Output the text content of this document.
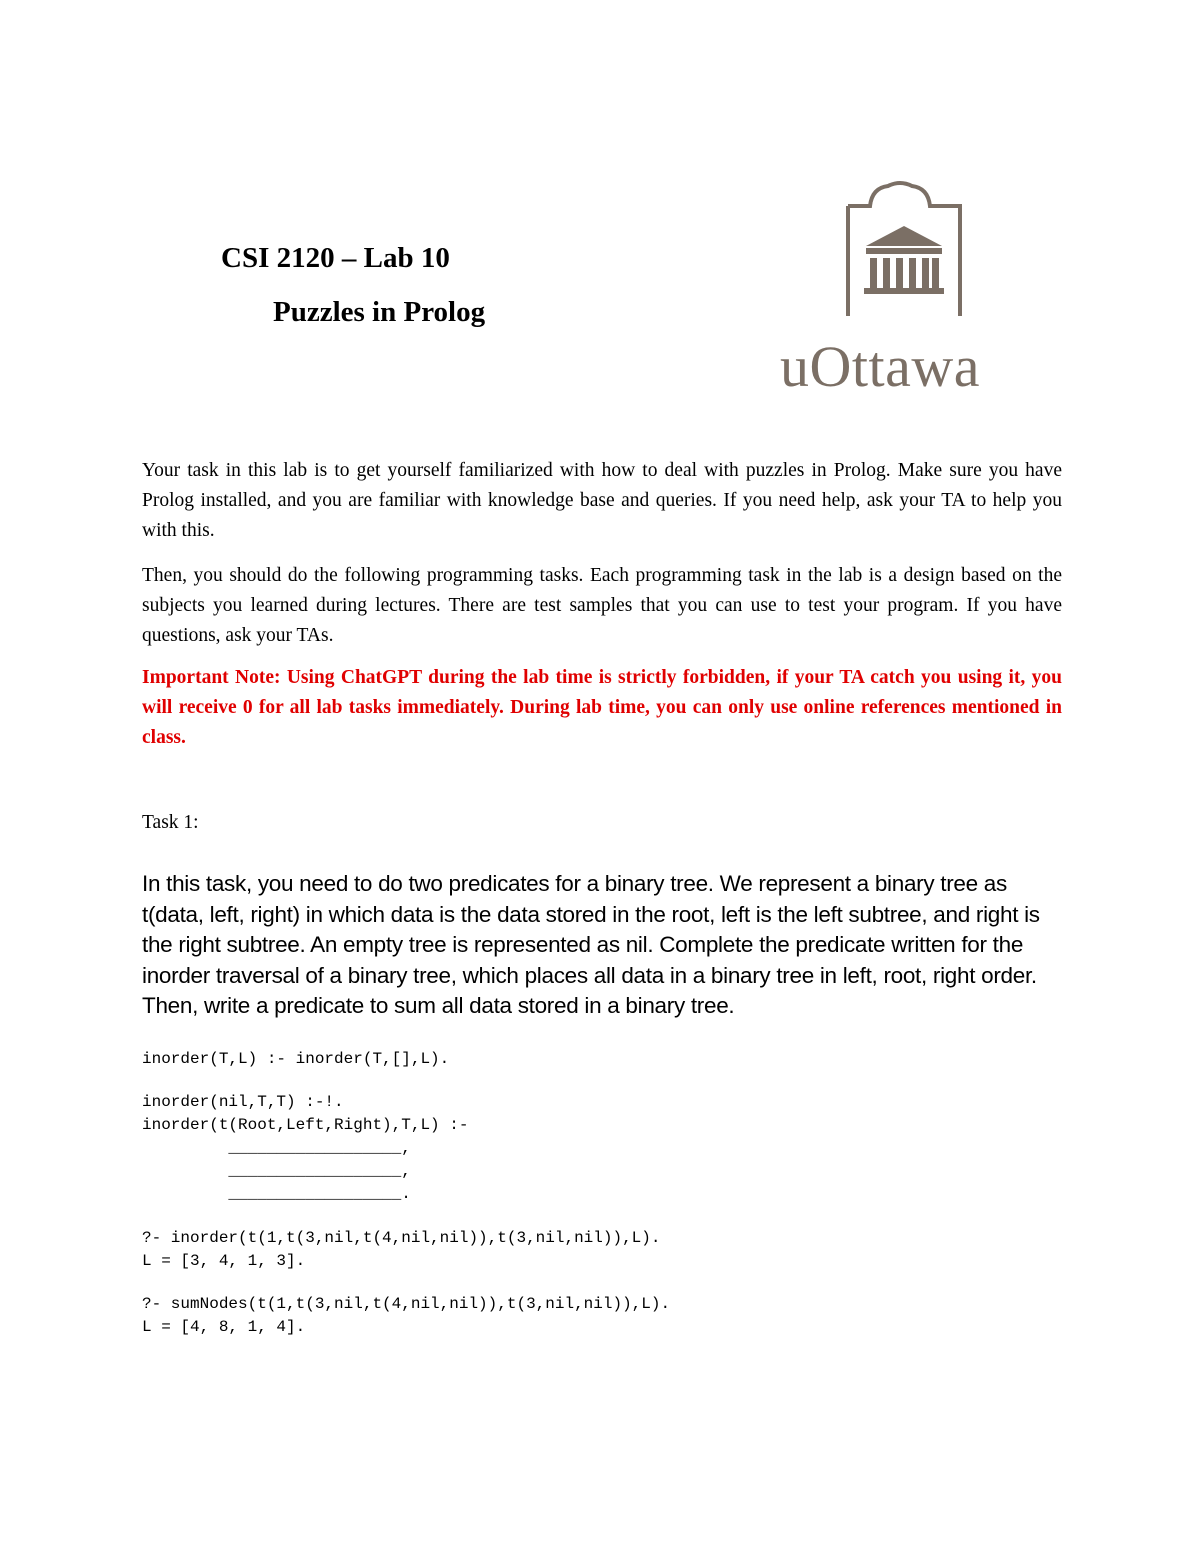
CSI 2120 – Lab 10
Puzzles in Prolog
uOttawa
Your task in this lab is to get yourself familiarized with how to deal with puzzles in Prolog. Make sure you have Prolog installed, and you are familiar with knowledge base and queries. If you need help, ask your TA to help you with this.
Then, you should do the following programming tasks. Each programming task in the lab is a design based on the subjects you learned during lectures. There are test samples that you can use to test your program. If you have questions, ask your TAs.
Important Note: Using ChatGPT during the lab time is strictly forbidden, if your TA catch you using it, you will receive 0 for all lab tasks immediately. During lab time, you can only use online references mentioned in class.
Task 1:
In this task, you need to do two predicates for a binary tree. We represent a binary tree as t(data, left, right) in which data is the data stored in the root, left is the left subtree, and right is the right subtree. An empty tree is represented as nil. Complete the predicate written for the inorder traversal of a binary tree, which places all data in a binary tree in left, root, right order. Then, write a predicate to sum all data stored in a binary tree.
inorder(T,L) :- inorder(T,[],L).
inorder(nil,T,T) :-!.
inorder(t(Root,Left,Right),T,L) :-
__________________,
__________________,
__________________.
?- inorder(t(1,t(3,nil,t(4,nil,nil)),t(3,nil,nil)),L).
L = [3, 4, 1, 3].
?- sumNodes(t(1,t(3,nil,t(4,nil,nil)),t(3,nil,nil)),L).
L = [4, 8, 1, 4].
